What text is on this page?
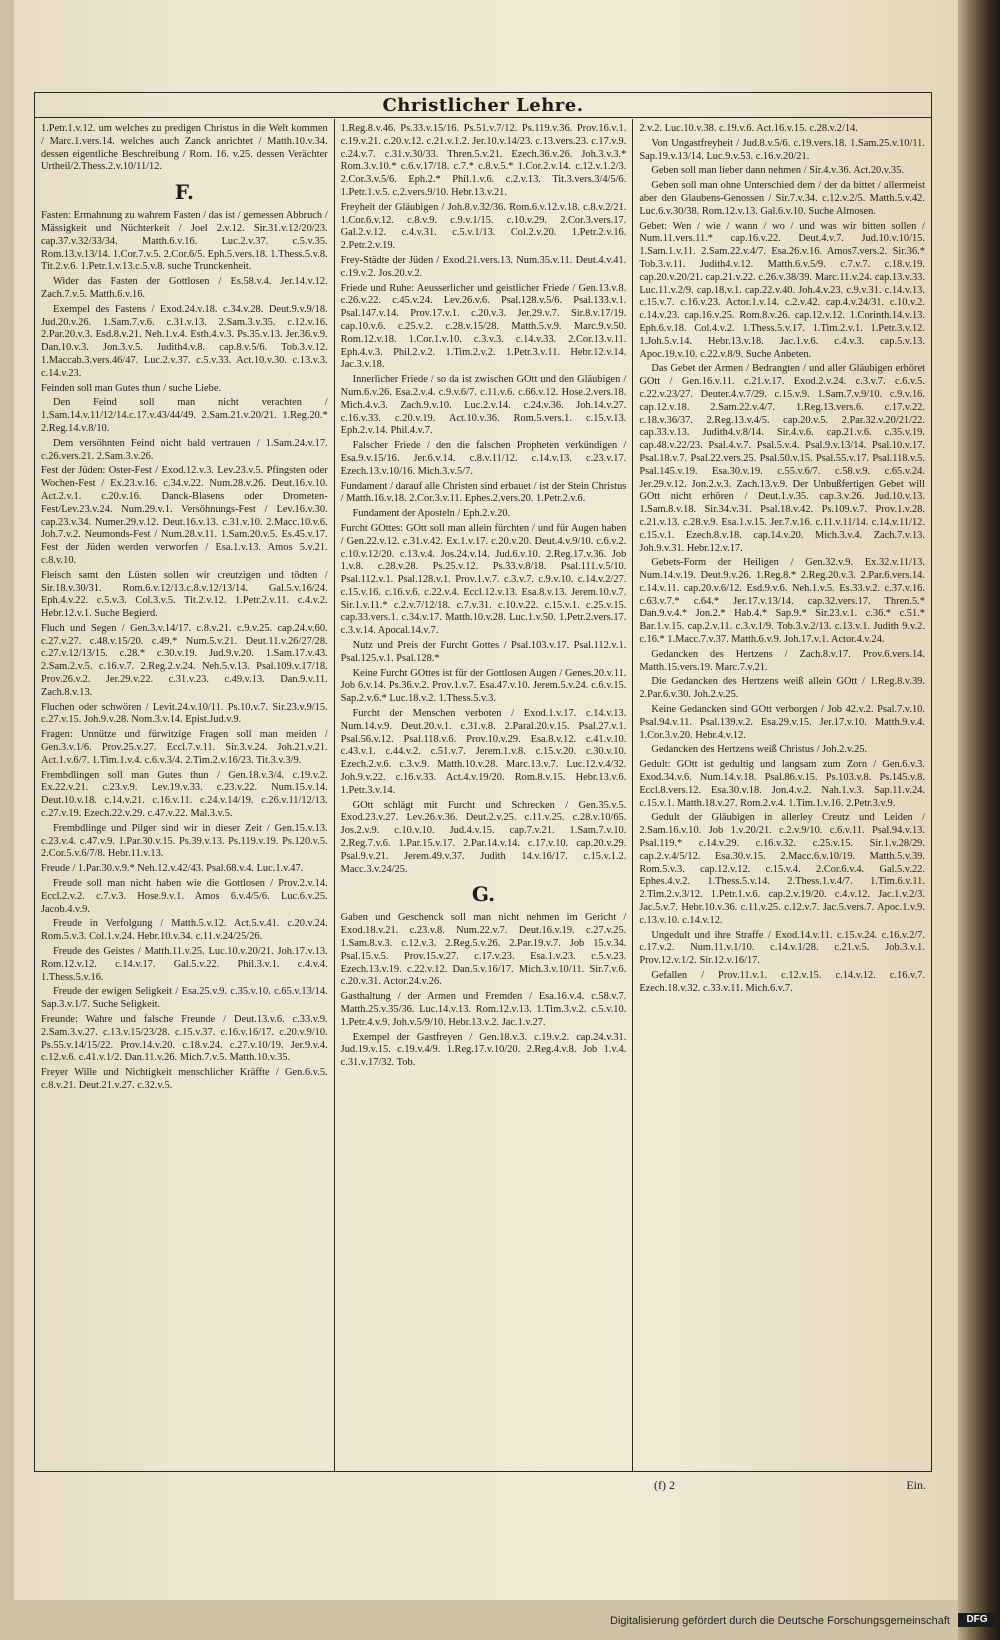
Christlicher Lehre.

1.Petr.1.v.12. um welches zu predigen Christus in die Welt kommen / Marc.1.vers.14. welches auch Zanck anrichtet / Matth.10.v.34. dessen eigentliche Beschreibung / Rom. 16. v.25. dessen Verächter Urtheil/2.Thess.2.v.10/11/12.

F.

Fasten: Ermahnung zu wahrem Fasten / das ist / gemessen Abbruch / Mässigkeit und Nüchterkeit / Joel 2.v.12. Sir.31.v.12/20/23. cap.37.v.32/33/34. Matth.6.v.16. Luc.2.v.37. c.5.v.35. Rom.13.v.13/14. 1.Cor.7.v.5. 2.Cor.6/5. Eph.5.vers.18. 1.Thess.5.v.8. Tit.2.v.6. 1.Petr.1.v.13.c.5.v.8. suche Trunckenheit.

Wider das Fasten der Gottlosen / Es.58.v.4. Jer.14.v.12. Zach.7.v.5. Matth.6.v.16.

Exempel des Fastens / Exod.24.v.18. c.34.v.28. Deut.9.v.9/18. Jud.20.v.26. 1.Sam.7.v.6. c.31.v.13. 2.Sam.3.v.35. c.12.v.16. 2.Par.20.v.3. Esd.8.v.21. Neh.1.v.4. Esth.4.v.3. Ps.35.v.13. Jer.36.v.9. Dan.10.v.3. Jon.3.v.5. Judith4.v.8. cap.8.v.5/6. Tob.3.v.12. 1.Maccab.3.vers.46/47. Luc.2.v.37. c.5.v.33. Act.10.v.30. c.13.v.3. c.14.v.23.

Feinden soll man Gutes thun / suche Liebe.

Den Feind soll man nicht verachten / 1.Sam.14.v.11/12/14.c.17.v.43/44/49. 2.Sam.21.v.20/21. 1.Reg.20.* 2.Reg.14.v.8/10.

Dem versöhnten Feind nicht bald vertrauen / 1.Sam.24.v.17. c.26.vers.21. 2.Sam.3.v.26.

Fest der Jüden: Oster-Fest / Exod.12.v.3. Lev.23.v.5. Pfingsten oder Wochen-Fest / Ex.23.v.16. c.34.v.22. Num.28.v.26. Deut.16.v.10. Act.2.v.1. c.20.v.16. Danck-Blasens oder Drometen-Fest/Lev.23.v.24. Num.29.v.1. Versöhnungs-Fest / Lev.16.v.30. cap.23.v.34. Numer.29.v.12. Deut.16.v.13. c.31.v.10. 2.Macc.10.v.6. Joh.7.v.2. Neumonds-Fest / Num.28.v.11. 1.Sam.20.v.5. Es.45.v.17. Fest der Jüden werden verworfen / Esa.1.v.13. Amos 5.v.21. c.8.v.10.

Fleisch samt den Lüsten sollen wir creutzigen und tödten / Sir.18.v.30/31. Rom.6.v.12/13.c.8.v.12/13/14. Gal.5.v.16/24. Eph.4.v.22. c.5.v.3. Col.3.v.5. Tit.2.v.12. 1.Petr.2.v.11. c.4.v.2. Hebr.12.v.1. Suche Begierd.

Fluch und Segen / Gen.3.v.14/17. c.8.v.21. c.9.v.25. cap.24.v.60. c.27.v.27. c.48.v.15/20. c.49.* Num.5.v.21. Deut.11.v.26/27/28. c.27.v.12/13/15. c.28.* c.30.v.19. Jud.9.v.20. 1.Sam.17.v.43. 2.Sam.2.v.5. c.16.v.7. 2.Reg.2.v.24. Neh.5.v.13. Psal.109.v.17/18. Prov.26.v.2. Jer.29.v.22. c.31.v.23. c.49.v.13. Dan.9.v.11. Zach.8.v.13.

Fluchen oder schwören / Levit.24.v.10/11. Ps.10.v.7. Sir.23.v.9/15. c.27.v.15. Joh.9.v.28. Nom.3.v.14. Epist.Jud.v.9.

Fragen: Unnütze und fürwitzige Fragen soll man meiden / Gen.3.v.1/6. Prov.25.v.27. Eccl.7.v.11. Sir.3.v.24. Joh.21.v.21. Act.1.v.6/7. 1.Tim.1.v.4. c.6.v.3/4. 2.Tim.2.v.16/23. Tit.3.v.3/9.

Frembdlingen soll man Gutes thun / Gen.18.v.3/4. c.19.v.2. Ex.22.v.21. c.23.v.9. Lev.19.v.33. c.23.v.22. Num.15.v.14. Deut.10.v.18. c.14.v.21. c.16.v.11. c.24.v.14/19. c.26.v.11/12/13. c.27.v.19. Ezech.22.v.29. c.47.v.22. Mal.3.v.5.

Frembdlinge und Pilger sind wir in dieser Zeit / Gen.15.v.13. c.23.v.4. c.47.v.9. 1.Par.30.v.15. Ps.39.v.13. Ps.119.v.19. Ps.120.v.5. 2.Cor.5.v.6/7/8. Hebr.11.v.13.

Freude / 1.Par.30.v.9.* Neh.12.v.42/43. Psal.68.v.4. Luc.1.v.47.

Freude soll man nicht haben wie die Gottlosen / Prov.2.v.14. Eccl.2.v.2. c.7.v.3. Hose.9.v.1. Amos 6.v.4/5/6. Luc.6.v.25. Jacob.4.v.9.

Freude in Verfolgung / Matth.5.v.12. Act.5.v.41. c.20.v.24. Rom.5.v.3. Col.1.v.24. Hebr.10.v.34. c.11.v.24/25/26.

Freude des Geistes / Matth.11.v.25. Luc.10.v.20/21. Joh.17.v.13. Rom.12.v.12. c.14.v.17. Gal.5.v.22. Phil.3.v.1. c.4.v.4. 1.Thess.5.v.16.

Freude der ewigen Seligkeit / Esa.25.v.9. c.35.v.10. c.65.v.13/14. Sap.3.v.1/7. Suche Seligkeit.

Freunde: Wahre und falsche Freunde / Deut.13.v.6. c.33.v.9. 2.Sam.3.v.27. c.13.v.15/23/28. c.15.v.37. c.16.v.16/17. c.20.v.9/10. Ps.55.v.14/15/22. Prov.14.v.20. c.18.v.24. c.27.v.10/19. Jer.9.v.4. c.12.v.6. c.41.v.1/2. Dan.11.v.26. Mich.7.v.5. Matth.10.v.35.

Freyer Wille und Nichtigkeit menschlicher Kräffte / Gen.6.v.5. c.8.v.21. Deut.21.v.27. c.32.v.5.

1.Reg.8.v.46. Ps.33.v.15/16. Ps.51.v.7/12. Ps.119.v.36. Prov.16.v.1. c.19.v.21. c.20.v.12. c.21.v.1.2. Jer.10.v.14/23. c.13.vers.23. c.17.v.9. c.24.v.7. c.31.v.30/33. Thren.5.v.21. Ezech.36.v.26. Joh.3.v.3.* Rom.3.v.10.* c.6.v.17/18. c.7.* c.8.v.5.* 1.Cor.2.v.14. c.12.v.1.2/3. 2.Cor.3.v.5/6. Eph.2.* Phil.1.v.6. c.2.v.13. Tit.3.vers.3/4/5/6. 1.Petr.1.v.5. c.2.vers.9/10. Hebr.13.v.21.

Freyheit der Gläubigen / Joh.8.v.32/36. Rom.6.v.12.v.18. c.8.v.2/21. 1.Cor.6.v.12. c.8.v.9. c.9.v.1/15. c.10.v.29. 2.Cor.3.vers.17. Gal.2.v.12. c.4.v.31. c.5.v.1/13. Col.2.v.20. 1.Petr.2.v.16. 2.Petr.2.v.19.

Frey-Städte der Jüden / Exod.21.vers.13. Num.35.v.11. Deut.4.v.41. c.19.v.2. Jos.20.v.2.

Friede und Ruhe: Aeusserlicher und geistlicher Friede / Gen.13.v.8. c.26.v.22. c.45.v.24. Lev.26.v.6. Psal.128.v.5/6. Psal.133.v.1. Psal.147.v.14. Prov.17.v.1. c.20.v.3. Jer.29.v.7. Sir.8.v.17/19. cap.10.v.6. c.25.v.2. c.28.v.15/28. Matth.5.v.9. Marc.9.v.50. Rom.12.v.18. 1.Cor.1.v.10. c.3.v.3. c.14.v.33. 2.Cor.13.v.11. Eph.4.v.3. Phil.2.v.2. 1.Tim.2.v.2. 1.Petr.3.v.11. Hebr.12.v.14. Jac.3.v.18.

Innerlicher Friede / so da ist zwischen GOtt und den Gläubigen / Num.6.v.26. Esa.2.v.4. c.9.v.6/7. c.11.v.6. c.66.v.12. Hose.2.vers.18. Mich.4.v.3. Zach.9.v.10. Luc.2.v.14. c.24.v.36. Joh.14.v.27. c.16.v.33. c.20.v.19. Act.10.v.36. Rom.5.vers.1. c.15.v.13. Eph.2.v.14. Phil.4.v.7.

Falscher Friede / den die falschen Propheten verkündigen / Esa.9.v.15/16. Jer.6.v.14. c.8.v.11/12. c.14.v.13. c.23.v.17. Ezech.13.v.10/16. Mich.3.v.5/7.

Fundament / darauf alle Christen sind erbauet / ist der Stein Christus / Matth.16.v.18. 2.Cor.3.v.11. Ephes.2.vers.20. 1.Petr.2.v.6.

Fundament der Aposteln / Eph.2.v.20.

Furcht GOttes: GOtt soll man allein fürchten / und für Augen haben / Gen.22.v.12. c.31.v.42. Ex.1.v.17. c.20.v.20. Deut.4.v.9/10. c.6.v.2. c.10.v.12/20. c.13.v.4. Jos.24.v.14. Jud.6.v.10. 2.Reg.17.v.36. Job 1.v.8. c.28.v.28. Ps.25.v.12. Ps.33.v.8/18. Psal.111.v.5/10. Psal.112.v.1. Psal.128.v.1. Prov.1.v.7. c.3.v.7. c.9.v.10. c.14.v.2/27. c.15.v.16. c.16.v.6. c.22.v.4. Eccl.12.v.13. Esa.8.v.13. Jerem.10.v.7. Sir.1.v.11.* c.2.v.7/12/18. c.7.v.31. c.10.v.22. c.15.v.1. c.25.v.15. cap.33.vers.1. c.34.v.17. Matth.10.v.28. Luc.1.v.50. 1.Petr.2.vers.17. c.3.v.14. Apocal.14.v.7.

Nutz und Preis der Furcht Gottes / Psal.103.v.17. Psal.112.v.1. Psal.125.v.1. Psal.128.*

Keine Furcht GOttes ist für der Gottlosen Augen / Genes.20.v.11. Job 6.v.14. Ps.36.v.2. Prov.1.v.7. Esa.47.v.10. Jerem.5.v.24. c.6.v.15. Sap.2.v.6.* Luc.18.v.2. 1.Thess.5.v.3.

Furcht der Menschen verboten / Exod.1.v.17. c.14.v.13. Num.14.v.9. Deut.20.v.1. c.31.v.8. 2.Paral.20.v.15. Psal.27.v.1. Psal.56.v.12. Psal.118.v.6. Prov.10.v.29. Esa.8.v.12. c.41.v.10. c.43.v.1. c.44.v.2. c.51.v.7. Jerem.1.v.8. c.15.v.20. c.30.v.10. Ezech.2.v.6. c.3.v.9. Matth.10.v.28. Marc.13.v.7. Luc.12.v.4/32. Joh.9.v.22. c.16.v.33. Act.4.v.19/20. Rom.8.v.15. Hebr.13.v.6. 1.Petr.3.v.14.

GOtt schlägt mit Furcht und Schrecken / Gen.35.v.5. Exod.23.v.27. Lev.26.v.36. Deut.2.v.25. c.11.v.25. c.28.v.10/65. Jos.2.v.9. c.10.v.10. Jud.4.v.15. cap.7.v.21. 1.Sam.7.v.10. 2.Reg.7.v.6. 1.Par.15.v.17. 2.Par.14.v.14. c.17.v.10. cap.20.v.29. Psal.9.v.21. Jerem.49.v.37. Judith 14.v.16/17. c.15.v.1.2. Macc.3.v.24/25.

G.

Gaben und Geschenck soll man nicht nehmen im Gericht / Exod.18.v.21. c.23.v.8. Num.22.v.7. Deut.16.v.19. c.27.v.25. 1.Sam.8.v.3. c.12.v.3. 2.Reg.5.v.26. 2.Par.19.v.7. Job 15.v.34. Psal.15.v.5. Prov.15.v.27. c.17.v.23. Esa.1.v.23. c.5.v.23. Ezech.13.v.19. c.22.v.12. Dan.5.v.16/17. Mich.3.v.10/11. Sir.7.v.6. c.20.v.31. Actor.24.v.26.

Gasthaltung / der Armen und Fremden / Esa.16.v.4. c.58.v.7. Matth.25.v.35/36. Luc.14.v.13. Rom.12.v.13. 1.Tim.3.v.2. c.5.v.10. 1.Petr.4.v.9. Joh.v.5/9/10. Hebr.13.v.2. Jac.1.v.27.

Exempel der Gastfreyen / Gen.18.v.3. c.19.v.2. cap.24.v.31. Jud.19.v.15. c.19.v.4/9. 1.Reg.17.v.10/20. 2.Reg.4.v.8. Job 1.v.4. c.31.v.17/32. Tob.

2.v.2. Luc.10.v.38. c.19.v.6. Act.16.v.15. c.28.v.2/14.

Von Ungastfreyheit / Jud.8.v.5/6. c.19.vers.18. 1.Sam.25.v.10/11. Sap.19.v.13/14. Luc.9.v.53. c.16.v.20/21.

Geben soll man lieber dann nehmen / Sir.4.v.36. Act.20.v.35.

Geben soll man ohne Unterschied dem / der da bittet / allermeist aber den Glaubens-Genossen / Sir.7.v.34. c.12.v.2/5. Matth.5.v.42. Luc.6.v.30/38. Rom.12.v.13. Gal.6.v.10. Suche Almosen.

Gebet: Wen / wie / wann / wo / und was wir bitten sollen / Num.11.vers.11.* cap.16.v.22. Deut.4.v.7. Jud.10.v.10/15. 1.Sam.1.v.11. 2.Sam.22.v.4/7. Esa.26.v.16. Amos7.vers.2. Sir.36.* Tob.3.v.11. Judith4.v.12. Matth.6.v.5/9. c.7.v.7. c.18.v.19. cap.20.v.20/21. cap.21.v.22. c.26.v.38/39. Marc.11.v.24. cap.13.v.33. Luc.11.v.2/9. cap.18.v.1. cap.22.v.40. Joh.4.v.23. c.9.v.31. c.14.v.13. c.15.v.7. c.16.v.23. Actor.1.v.14. c.2.v.42. cap.4.v.24/31. c.10.v.2. c.14.v.23. cap.16.v.25. Rom.8.v.26. cap.12.v.12. 1.Corinth.14.v.13. Eph.6.v.18. Col.4.v.2. 1.Thess.5.v.17. 1.Tim.2.v.1. 1.Petr.3.v.12. 1.Joh.5.v.14. Hebr.13.v.18. Jac.1.v.6. c.4.v.3. cap.5.v.13. Apoc.19.v.10. c.22.v.8/9. Suche Anbeten.

Das Gebet der Armen / Bedrangten / und aller Gläubigen erhöret GOtt / Gen.16.v.11. c.21.v.17. Exod.2.v.24. c.3.v.7. c.6.v.5. c.22.v.23/27. Deuter.4.v.7/29. c.15.v.9. 1.Sam.7.v.9/10. c.9.v.16. cap.12.v.18. 2.Sam.22.v.4/7. 1.Reg.13.vers.6. c.17.v.22. c.18.v.36/37. 2.Reg.13.v.4/5. cap.20.v.5. 2.Par.32.v.20/21/22. cap.33.v.13. Judith4.v.8/14. Sir.4.v.6. cap.21.v.6. c.35.v.19. cap.48.v.22/23. Psal.4.v.7. Psal.5.v.4. Psal.9.v.13/14. Psal.10.v.17. Psal.18.v.7. Psal.22.vers.25. Psal.50.v.15. Psal.55.v.17. Psal.118.v.5. Psal.145.v.19. Esa.30.v.19. c.55.v.6/7. c.58.v.9. c.65.v.24. Jer.29.v.12. Jon.2.v.3. Zach.13.v.9. Der Unbußfertigen Gebet will GOtt nicht erhören / Deut.1.v.35. cap.3.v.26. Jud.10.v.13. 1.Sam.8.v.18. Sir.34.v.31. Psal.18.v.42. Ps.109.v.7. Prov.1.v.28. c.21.v.13. c.28.v.9. Esa.1.v.15. Jer.7.v.16. c.11.v.11/14. c.14.v.11/12. c.15.v.1. Ezech.8.v.18. cap.14.v.20. Mich.3.v.4. Zach.7.v.13. Joh.9.v.31. Hebr.12.v.17.

Gebets-Form der Heiligen / Gen.32.v.9. Ex.32.v.11/13. Num.14.v.19. Deut.9.v.26. 1.Reg.8.* 2.Reg.20.v.3. 2.Par.6.vers.14. c.14.v.11. cap.20.v.6/12. Esd.9.v.6. Neh.1.v.5. Es.33.v.2. c.37.v.16. c.63.v.7.* c.64.* Jer.17.v.13/14. cap.32.vers.17. Thren.5.* Dan.9.v.4.* Jon.2.* Hab.4.* Sap.9.* Sir.23.v.1. c.36.* c.51.* Bar.1.v.15. cap.2.v.11. c.3.v.1/9. Tob.3.v.2/13. c.13.v.1. Judith 9.v.2. c.16.* 1.Macc.7.v.37. Matth.6.v.9. Joh.17.v.1. Actor.4.v.24.

Gedancken des Hertzens / Zach.8.v.17. Prov.6.vers.14. Matth.15.vers.19. Marc.7.v.21.

Die Gedancken des Hertzens weiß allein GOtt / 1.Reg.8.v.39. 2.Par.6.v.30. Joh.2.v.25.

Keine Gedancken sind GOtt verborgen / Job 42.v.2. Psal.7.v.10. Psal.94.v.11. Psal.139.v.2. Esa.29.v.15. Jer.17.v.10. Matth.9.v.4. 1.Cor.3.v.20. Hebr.4.v.12.

Gedancken des Hertzens weiß Christus / Joh.2.v.25.

Gedult: GOtt ist gedultig und langsam zum Zorn / Gen.6.v.3. Exod.34.v.6. Num.14.v.18. Psal.86.v.15. Ps.103.v.8. Ps.145.v.8. Eccl.8.vers.12. Esa.30.v.18. Jon.4.v.2. Nah.1.v.3. Sap.11.v.24. c.15.v.1. Matth.18.v.27. Rom.2.v.4. 1.Tim.1.v.16. 2.Petr.3.v.9.

Gedult der Gläubigen in allerley Creutz und Leiden / 2.Sam.16.v.10. Job 1.v.20/21. c.2.v.9/10. c.6.v.11. Psal.94.v.13. Psal.119.* c.14.v.29. c.16.v.32. c.25.v.15. Sir.1.v.28/29. cap.2.v.4/5/12. Esa.30.v.15. 2.Macc.6.v.10/19. Matth.5.v.39. Rom.5.v.3. cap.12.v.12. c.15.v.4. 2.Cor.6.v.4. Gal.5.v.22. Ephes.4.v.2. 1.Thess.5.v.14. 2.Thess.1.v.4/7. 1.Tim.6.v.11. 2.Tim.2.v.3/12. 1.Petr.1.v.6. cap.2.v.19/20. c.4.v.12. Jac.1.v.2/3. Jac.5.v.7. Hebr.10.v.36. c.11.v.25. c.12.v.7. Jac.5.vers.7. Apoc.1.v.9. c.13.v.10. c.14.v.12.

Ungedult und ihre Straffe / Exod.14.v.11. c.15.v.24. c.16.v.2/7. c.17.v.2. Num.11.v.1/10. c.14.v.1/28. c.21.v.5. Job.3.v.1. Prov.12.v.1/2. Sir.12.v.16/17.

Gefallen / Prov.11.v.1. c.12.v.15. c.14.v.12. c.16.v.7. Ezech.18.v.32. c.33.v.11. Mich.6.v.7.

(f) 2	Ein.
Digitalisierung gefördert durch die Deutsche Forschungsgemeinschaft	DFG
